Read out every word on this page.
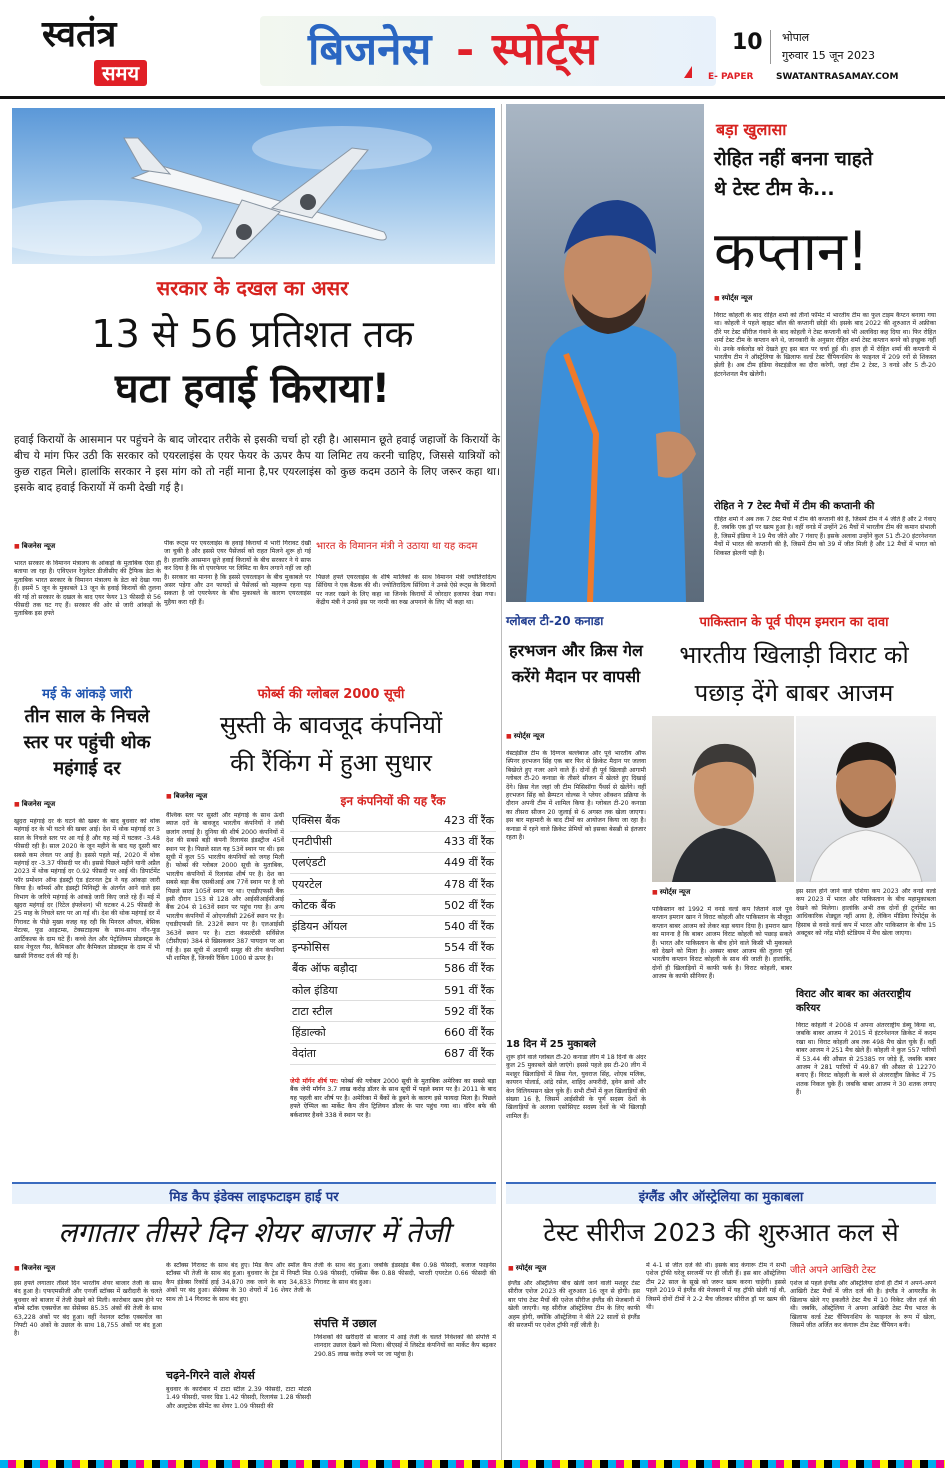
स्वतंत्र
समय	बिजनेस - स्पोर्ट्स	10 भोपाल
गुरुवार 15 जून 2023
E- PAPER	SWATANTRASAMAY.COM
सरकार के दखल का असर
13 से 56 प्रतिशत तक
घटा हवाई किराया!
हवाई किरायों के आसमान पर पहुंचने के बाद जोरदार तरीके से इसकी चर्चा हो रही है। आसमान छूते हवाई जहाजों के किरायों के बीच ये मांग फिर उठी कि सरकार को एयरलाइंस के एयर फेयर के ऊपर कैप या लिमिट तय करनी चाहिए, जिससे यात्रियों को कुछ राहत मिले। हालांकि सरकार ने इस मांग को तो नहीं माना है,पर एयरलाइंस को कुछ कदम उठाने के लिए जरूर कहा था। इसके बाद हवाई किरायों में कमी देखी गई है।
■ बिजनेस न्यूज
भारत सरकार के विमानन मंत्रालय के आंकड़ों के मुताबिक ऐसा ही बताया जा रहा है। एविएशन रेगुलेटर डीजीसीए की ट्रैफिक डेटा के मुताबिक भारत सरकार के विमानन मंत्रालय के डेटा को देखा गया है। इसमें 5 जून के मुकाबले 13 जून के हवाई किरायों की तुलना की गई तो सरकार के दखल के बाद एयर फेयर 13 फीसदी से 56 फीसदी तक घट गए हैं। सरकार की ओर से जारी आंकड़ों के मुताबिक इस हफ्ते
पीक रूट्स पर एयरलाइंस के हवाई किरायों में भारी गिरावट देखी जा चुकी है और इससे एयर पैसेंजर्स को राहत मिलने शुरू हो गई है। हालांकि आसमान छूते हवाई किरायों के बीच सरकार ने ये साफ कर दिया है कि वो एयरफेयर पर लिमिट या कैप लगाने नहीं जा रही है। सरकार का मानना है कि इससे एयरलाइन के बीच मुकाबले पर असर पड़ेगा और उन फायदों से पैसेंजर्स को महरूम रहना पड़ सकता है जो एयरफेयर के बीच मुकाबले के कारण एयरलाइंस मुहैया करा रही हैं।
भारत के विमानन मंत्री ने उठाया था यह कदम
पिछले हफ्ते एयरलाइंस के शीर्ष मालिकों के साथ विमानन मंत्री ज्योतिरादित्य सिंधिया ने एक बैठक की थी। ज्योतिरादित्य सिंधिया ने उनसे ऐसे रूट्स के किरायों पर नजर रखने के लिए कहा था जिनके किरायों में जोरदार इजाफा देखा गया। केंद्रीय मंत्री ने उनसे इस पर नरमी का रुख अपनाने के लिए भी कहा था।
मई के आंकड़े जारी
तीन साल के निचले स्तर पर पहुंची थोक महंगाई दर
■ बिजनेस न्यूज
खुदरा महंगाई दर के घटने की खबर के बाद बुधवार को थोक महंगाई दर के भी घटने की खबर आई। देश में थोक महंगाई दर 3 साल के निचले स्तर पर आ गई है और यह मई में घटकर -3.48 फीसदी रही है। साल 2020 के जून महीने के बाद यह दूसरी बार सबसे कम लेवल पर आई है। इससे पहले मई, 2020 में थोक महंगाई दर -3.37 फीसदी पर थी। इससे पिछले महीने यानी अप्रैल 2023 में थोक महंगाई दर 0.92 फीसदी पर आई थी। डिपार्टमेंट फॉर प्रमोशन ऑफ इंडस्ट्री एंड इंटरनल ट्रेड ने यह आंकड़ा जारी किया है। कॉमर्स और इंडस्ट्री मिनिस्ट्री के अंतर्गत आने वाले इस विभाग के जरिये महंगाई के आंकड़े जारी किए जाते रहे हैं। मई में खुदरा महंगाई दर (रिटेल इंफ्लेशन) भी घटकर 4.25 फीसदी के 25 माह के निचले स्तर पर आ गई थी। देश की थोक महंगाई दर में गिरावट के पीछे मुख्य वजह यह रही कि मिनरल ऑयल, बेसिक मेटल्स, फूड आइटम्स, टेक्सटाइल्स के साथ-साथ नॉन-फूड आर्टिकल्स के दाम घटे हैं। कच्चे तेल और पेट्रोलियम प्रोडक्ट्स के साथ नेचुरल गैस, कैमिकल और कैमिकल प्रोडक्ट्स के दाम में भी खासी गिरावट दर्ज की गई है।
फोर्ब्स की ग्लोबल 2000 सूची
सुस्ती के बावजूद कंपनियों
की रैंकिंग में हुआ सुधार
■ बिजनेस न्यूज
वैश्विक स्तर पर सुस्ती और महंगाई के साथ ऊंची ब्याज दरों के बावजूद भारतीय कंपनियों ने लंबी छलांग लगाई है। दुनिया की शीर्ष 2000 कंपनियों में देश की सबसे बड़ी कंपनी रिलायंस इंडस्ट्रीज 45वें स्थान पर है। पिछले साल यह 53वें स्थान पर थी। इस सूची में कुल 55 भारतीय कंपनियों को जगह मिली है। फोर्ब्स की ग्लोबल 2000 सूची के मुताबिक, भारतीय कंपनियों में रिलायंस शीर्ष पर है। देश का सबसे बड़ा बैंक एसबीआई अब 77वें स्थान पर है जो पिछले साल 105वें स्थान पर था। एचडीएफसी बैंक इसी दौरान 153 से 128 और आईसीआईसीआई बैंक 204 से 163वें स्थान पर पहुंच गया है। अन्य भारतीय कंपनियों में ओएनजीसी 226वें स्थान पर है। एचडीएफसी लि. 232वें स्थान पर है। एलआईसी 363वें स्थान पर है। टाटा कंसल्टेंसी सर्विसेज (टीसीएस) 384 से खिसककर 387 पायदान पर आ गई है। इस सूची में अदाणी समूह की तीन कंपनियां भी शामिल हैं, जिनकी रैंकिंग 1000 से ऊपर है।
इन कंपनियों की यह रैंक
एक्सिस बैंक	423 वीं रैंक
एनटीपीसी	433 वीं रैंक
एलएंडटी	449 वीं रैंक
एयरटेल	478 वीं रैंक
कोटक बैंक	502 वीं रैंक
इंडियन ऑयल	540 वीं रैंक
इन्फोसिस	554 वीं रैंक
बैंक ऑफ बड़ौदा	586 वीं रैंक
कोल इंडिया	591 वीं रैंक
टाटा स्टील	592 वीं रैंक
हिंडाल्को	660 वीं रैंक
वेदांता	687 वीं रैंक
जेपी मॉर्गन शीर्ष पर: फोर्ब्स की ग्लोबल 2000 सूची के मुताबिक अमेरिका का सबसे बड़ा बैंक जेपी मॉर्गन 3.7 लाख करोड़ डॉलर के साथ सूची में पहले स्थान पर है। 2011 के बाद यह पहली बार शीर्ष पर है। अमेरिका में बैंकों के डूबने के कारण इसे फायदा मिला है। पिछले हफ्ते ऐप्पिल का मार्केट कैप तीन ट्रिलियन डॉलर के पार पहुंच गया था। वॉरेन बफे की बर्कशायर हैथवे 338 वें स्थान पर है।
मिड कैप इंडेक्स लाइफटाइम हाई पर
लगातार तीसरे दिन शेयर बाजार में तेजी
■ बिजनेस न्यूज
इस हफ्ते लगातार तीसरे दिन भारतीय शेयर बाजार तेजी के साथ बंद हुआ है। एफएमसीजी और एनर्जी स्टॉक्स में खरीदारी के चलते बुधवार को बाजार में तेजी देखने को मिली। कारोबार खत्म होने पर बॉम्बे स्टॉक एक्सचेंज का सेंसेक्स 85.35 अंकों की तेजी के साथ 63,228 अंकों पर बंद हुआ। वहीं नेशनल स्टॉक एक्सचेंज का निफ्टी 40 अंकों के उछाल के साथ 18,755 अंकों पर बंद हुआ है।
के स्टॉक्स गिरावट के साथ बंद हुए। मिड कैप और स्मॉल कैप स्टॉक्स भी तेजी के साथ बंद हुआ। बुधवार के ट्रेड में निफ्टी मिड कैप इंडेक्स रिकॉर्ड हाई 34,870 तक जाने के बाद 34,833 अंकों पर बंद हुआ। सेंसेक्स के 30 शेयरों में 16 शेयर तेजी के साथ तो 14 गिरावट के साथ बंद हुए।
चढ़ने-गिरने वाले शेयर्स
बुधवार के कारोबार में टाटा स्टील 2.39 फीसदी, टाटा मोटर्स 1.49 फीसदी, पावर ग्रिड 1.42 फीसदी, रिलायंस 1.28 फीसदी और अल्ट्राटेक सीमेंट का शेयर 1.09 फीसदी की
तेजी के साथ बंद हुआ। जबकि इंडसइंड बैंक 0.98 फीसदी, बजाज फाइनेंस 0.98 फीसदी, एक्सिस बैंक 0.88 फीसदी, भारती एयरटेल 0.66 फीसदी की गिरावट के साथ बंद हुआ।
संपत्ति में उछाल
निवेशकों की खरीदारी से बाजार में आई तेजी के चलते निवेशकों की संपत्ति में शानदार उछाल देखने को मिला। बीएसई में लिस्टेड कंपनियों का मार्केट कैप बढ़कर 290.85 लाख करोड़ रुपये पर जा पहुंचा है।
बड़ा खुलासा
रोहित नहीं बनना चाहते
थे टेस्ट टीम के...
कप्तान!
■ स्पोर्ट्स न्यूज
विराट कोहली के बाद रोहित शर्मा को तीनों फॉर्मेट में भारतीय टीम का फुल टाइम कैप्टन बनाया गया था। कोहली ने पहले व्हाइट बॉल की कप्तानी छोड़ी थी। इसके बाद 2022 की शुरुआत में अफ्रीका दौरे पर टेस्ट सीरीज गंवाने के बाद कोहली ने टेस्ट कप्तानी को भी अलविदा कह दिया था। फिर रोहित शर्मा टेस्ट टीम के कप्तान बने थे, जानकारी के अनुसार रोहित शर्मा टेस्ट कप्तान बनने को इच्छुक नहीं थे। उनके वर्कलोड को देखते हुए इस बात पर चर्चा हुई थी। हाल ही में रोहित शर्मा की कप्तानी में भारतीय टीम ने ऑस्ट्रेलिया के खिलाफ वर्ल्ड टेस्ट चैंपियनशिप के फाइनल में 209 रनों से शिकस्त झेली है। अब टीम इंडिया वेस्टइंडीज का दौरा करेगी, जहां टीम 2 टेस्ट, 3 वनडे और 5 टी-20 इंटरनेशनल मैच खेलेगी।
रोहित ने 7 टेस्ट मैचों में टीम की कप्तानी की
रोहित शर्मा ने अब तक 7 टेस्ट मैचों में टीम की कप्तानी की है, जिसमें टीम ने 4 जीते हैं और 2 गंवाए हैं, जबकि एक ड्रॉ पर खत्म हुआ है। वहीं वनडे में उन्होंने 26 मैचों में भारतीय टीम की कमान संभाली है, जिसमें इंडिया ने 19 मैच जीते और 7 गंवाए हैं। इसके अलावा उन्होंने कुल 51 टी-20 इंटरनेशनल मैचों में भारत की कप्तानी की है, जिसमें टीम को 39 में जीत मिली है और 12 मैचों में भारत को शिकस्त झेलनी पड़ी है।
ग्लोबल टी-20 कनाडा
हरभजन और क्रिस गेल करेंगे मैदान पर वापसी
■ स्पोर्ट्स न्यूज
वेस्टइंडीज टीम के दिग्गज बल्लेबाज और पूर्व भारतीय ऑफ स्पिनर हरभजन सिंह एक बार फिर से क्रिकेट मैदान पर जलवा बिखेरते हुए नजर आने वाले हैं। दोनों ही पूर्व खिलाड़ी आगामी ग्लोबल टी-20 कनाडा के तीसरे सीजन में खेलते हुए दिखाई देंगे। क्रिस गेल जहां जी टीम मिसिसॉगा पैंथर्स से खेलेंगे। वहीं हरभजन सिंह को ब्रैम्पटन वोल्व्स ने प्लेयर ऑक्शन प्रक्रिया के दौरान अपनी टीम में शामिल किया है। ग्लोबल टी-20 कनाडा का तीसरा सीजन 20 जुलाई से 6 अगस्त तक खेला जाएगा। इस बार महामारी के बाद टीमों का आयोजन किया जा रहा है। कनाडा में रहने वाले क्रिकेट प्रेमियों को इसका बेसब्री से इंतजार रहता है।
18 दिन में 25 मुकाबले
शुरू होने वाले ग्लोबल टी-20 कनाडा लीग में 18 दिनों के अंदर कुल 25 मुकाबले खेले जाएंगे। इससे पहले इस टी-20 लीग में मशहूर खिलाड़ियों में क्रिस गेल, युवराज सिंह, शोएब मलिक, कायरन पोलार्ड, आंद्रे रसेल, शाहिद अफरीदी, ड्वेन ब्रावो और केन विलियमसन खेल चुके हैं। सभी टीमों में कुल खिलाड़ियों की संख्या 16 है, जिसमें आईसीसी के पूर्ण सदस्य देशों के खिलाड़ियों के अलावा एसोसिएट सदस्य देशों के भी खिलाड़ी शामिल हैं।
पाकिस्तान के पूर्व पीएम इमरान का दावा
भारतीय खिलाड़ी विराट को
पछाड़ देंगे बाबर आजम
■ स्पोर्ट्स न्यूज
पाकिस्तान को 1992 में वनडे वर्ल्ड कप जिताने वाले पूर्व कप्तान इमरान खान ने विराट कोहली और पाकिस्तान के मौजूदा कप्तान बाबर आजम को लेकर बड़ा बयान दिया है। इमरान खान का मानना है कि बाबर आजम विराट कोहली को पछाड़ सकते हैं। भारत और पाकिस्तान के बीच होने वाले किसी भी मुकाबले को देखने को मिला है। अक्सर बाबर आजम की तुलना पूर्व भारतीय कप्तान विराट कोहली के साथ की जाती है। हालांकि, दोनों ही खिलाड़ियों में काफी फर्क है। विराट कोहली, बाबर आजम के काफी सीनियर हैं।
इस साल होने जाने वाले एशिया कप 2023 और वनडे वर्ल्ड कप 2023 में भारत और पाकिस्तान के बीच महामुकाबला देखने को मिलेगा। हालांकि अभी तक दोनों ही टूर्नामेंट का आधिकारिक शेड्यूल नहीं आया है, लेकिन मीडिया रिपोर्ट्स के हिसाब से वनडे वर्ल्ड कप में भारत और पाकिस्तान के बीच 15 अक्टूबर को नरेंद्र मोदी स्टेडियम में मैच खेला जाएगा।
विराट और बाबर का अंतरराष्ट्रीय करियर
विराट कोहली ने 2008 में अपना अंतरराष्ट्रीय डेब्यू किया था, जबकि बाबर आजम ने 2015 में इंटरनेशनल क्रिकेट में कदम रखा था। विराट कोहली अब तक 498 मैच खेल चुके हैं। वहीं बाबर आजम ने 251 मैच खेले हैं। कोहली ने कुल 557 पारियों में 53.44 की औसत से 25385 रन जोड़े हैं, जबकि बाबर आजम ने 281 पारियों में 49.87 की औसत से 12270 बनाए हैं। विराट कोहली के बल्ले से अंतरराष्ट्रीय क्रिकेट में 75 शतक निकल चुके हैं। जबकि बाबर आजम ने 30 शतक लगाए हैं।
इंग्लैंड और ऑस्ट्रेलिया का मुकाबला
टेस्ट सीरीज 2023 की शुरुआत कल से
■ स्पोर्ट्स न्यूज
इंग्लैंड और ऑस्ट्रेलिया बीच खेली जाने वाली मशहूर टेस्ट सीरीज एशेज 2023 की शुरुआत 16 जून से होगी। इस बार पांच टेस्ट मैचों की एशेज सीरीज इंग्लैंड की मेजबानी में खेली जाएगी। यह सीरीज ऑस्ट्रेलिया टीम के लिए काफी अहम होगी, क्योंकि ऑस्ट्रेलिया ने बीते 22 सालों से इंग्लैंड की सरजमीं पर एशेज ट्रॉफी नहीं जीती है।
में 4-1 से जीत दर्ज की थी। इसके बाद कंगारू टीम ने सभी एशेज ट्रॉफी घरेलू सरजमीं पर ही जीती हैं। इस बार ऑस्ट्रेलिया टीम 22 साल के सूखे को जरूर खत्म करना चाहेगी। इससे पहले 2019 में इंग्लैंड की मेजबानी में यह ट्रॉफी खेली गई थी, जिसमें दोनों टीमों ने 2-2 मैच जीतकर सीरीज ड्रॉ पर खत्म की थी।
जीते अपने आखिरी टेस्ट
एशेज से पहले इंग्लैंड और ऑस्ट्रेलिया दोनों ही टीमें ने अपने-अपने आखिरी टेस्ट मैचों में जीत दर्ज की है। इंग्लैंड ने आयरलैंड के खिलाफ खेले गए इकलौते टेस्ट मैच में 10 विकेट जीत दर्ज की थी। जबकि, ऑस्ट्रेलिया ने अपना आखिरी टेस्ट मैच भारत के खिलाफ वर्ल्ड टेस्ट चैंपियनशिप के फाइनल के रूप में खेला, जिसमें जीत अर्जित कर कंगारू टीम टेस्ट चैंपियन बनी।
